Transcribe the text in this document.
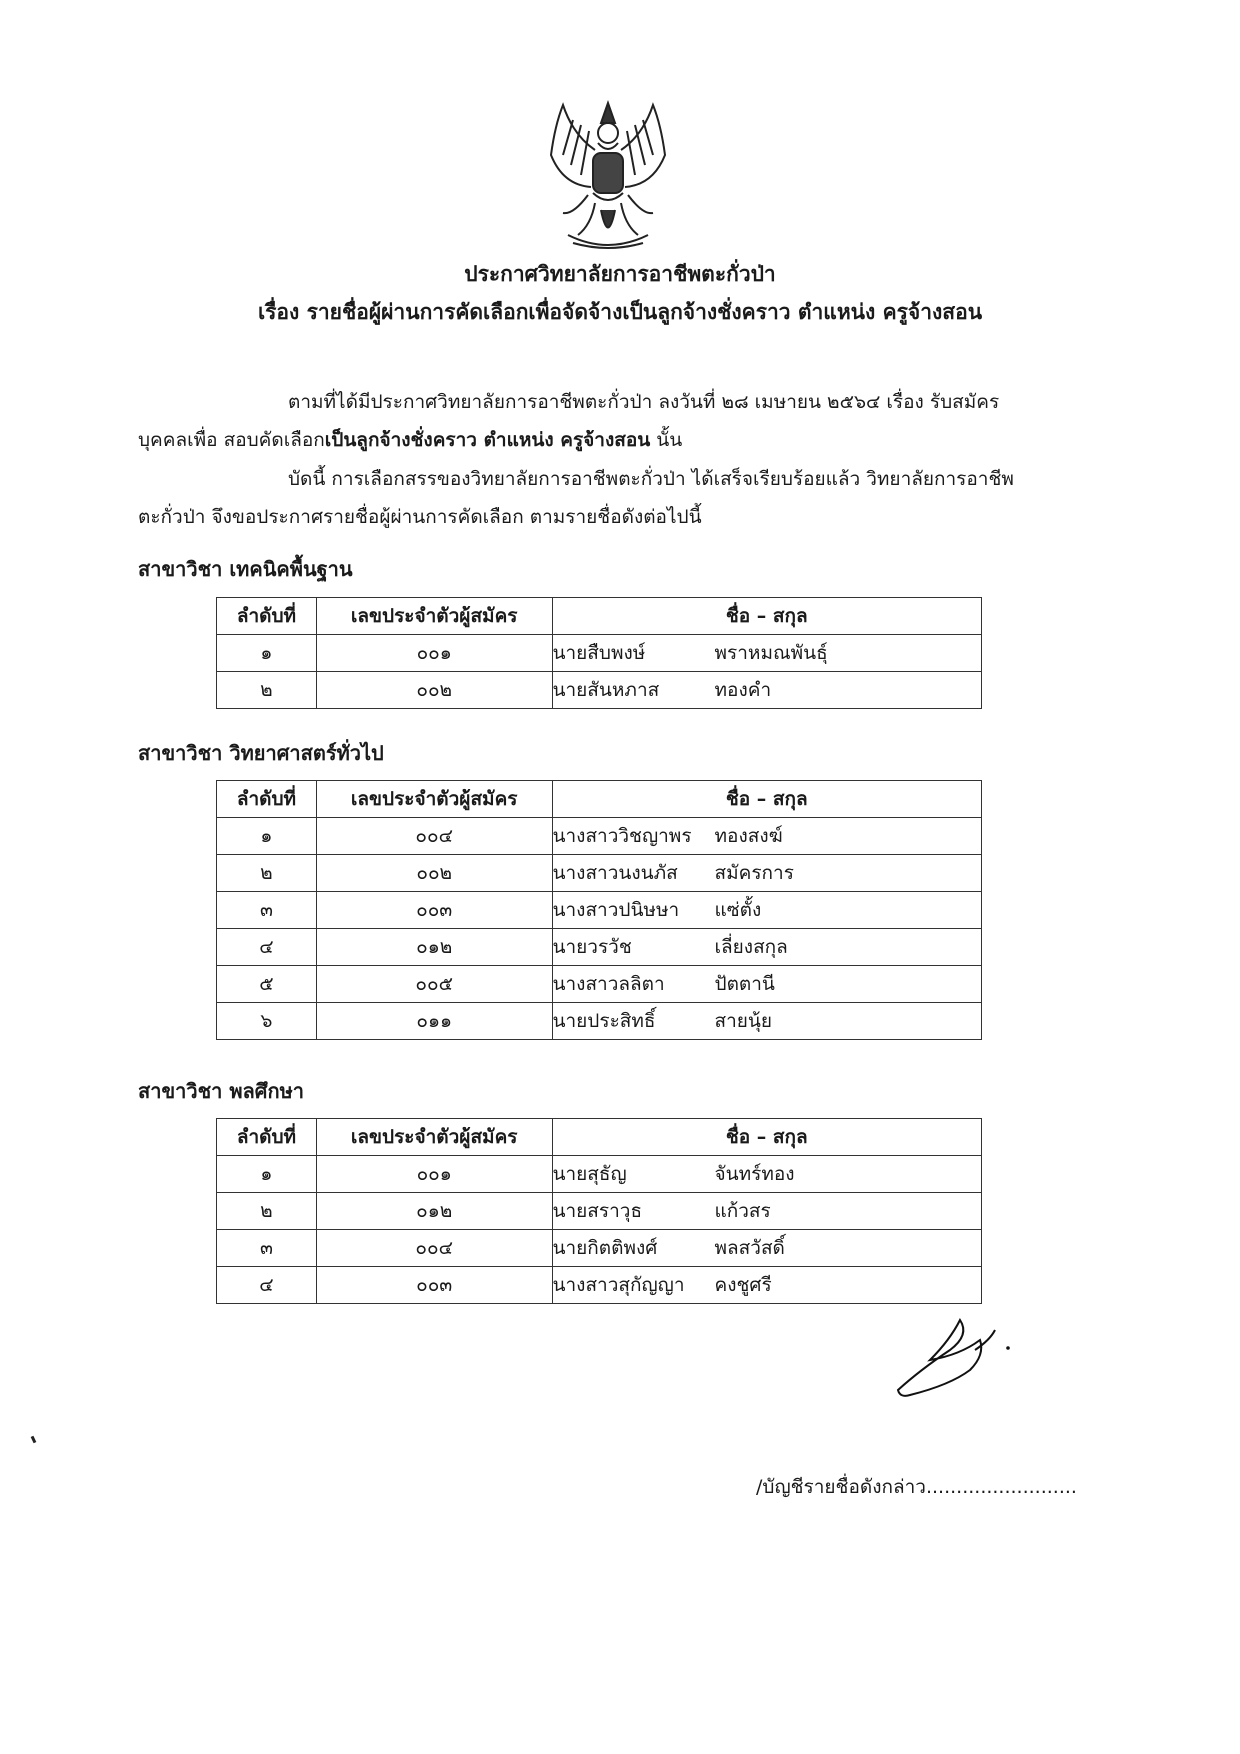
ประกาศวิทยาลัยการอาชีพตะกั่วป่า
เรื่อง รายชื่อผู้ผ่านการคัดเลือกเพื่อจัดจ้างเป็นลูกจ้างชั่งคราว ตำแหน่ง ครูจ้างสอน
ตามที่ได้มีประกาศวิทยาลัยการอาชีพตะกั่วป่า ลงวันที่ ๒๘ เมษายน ๒๕๖๔ เรื่อง รับสมัคร
บุคคลเพื่อ สอบคัดเลือกเป็นลูกจ้างชั่งคราว ตำแหน่ง ครูจ้างสอน นั้น
บัดนี้ การเลือกสรรของวิทยาลัยการอาชีพตะกั่วป่า ได้เสร็จเรียบร้อยแล้ว วิทยาลัยการอาชีพ
ตะกั่วป่า จึงขอประกาศรายชื่อผู้ผ่านการคัดเลือก ตามรายชื่อดังต่อไปนี้
สาขาวิชา เทคนิคพื้นฐาน
ลำดับที่	เลขประจำตัวผู้สมัคร	ชื่อ – สกุล
๑	๐๐๑	นายสืบพงษ์ พราหมณพันธุ์
๒	๐๐๒	นายสันหภาส ทองคำ
สาขาวิชา วิทยาศาสตร์ทั่วไป
ลำดับที่	เลขประจำตัวผู้สมัคร	ชื่อ – สกุล
๑	๐๐๔	นางสาววิชญาพร ทองสงฆ์
๒	๐๐๒	นางสาวนงนภัส สมัครการ
๓	๐๐๓	นางสาวปนิษษา แซ่ตั้ง
๔	๐๑๒	นายวรวัช เลี่ยงสกุล
๕	๐๐๕	นางสาวลลิตา ปัตตานี
๖	๐๑๑	นายประสิทธิ์ สายนุ้ย
สาขาวิชา พลศึกษา
ลำดับที่	เลขประจำตัวผู้สมัคร	ชื่อ – สกุล
๑	๐๐๑	นายสุธัญ จันทร์ทอง
๒	๐๑๒	นายสราวุธ แก้วสร
๓	๐๐๔	นายกิตติพงศ์ พลสวัสดิ์
๔	๐๐๓	นางสาวสุกัญญา คงชูศรี
/บัญชีรายชื่อดังกล่าว.........................
